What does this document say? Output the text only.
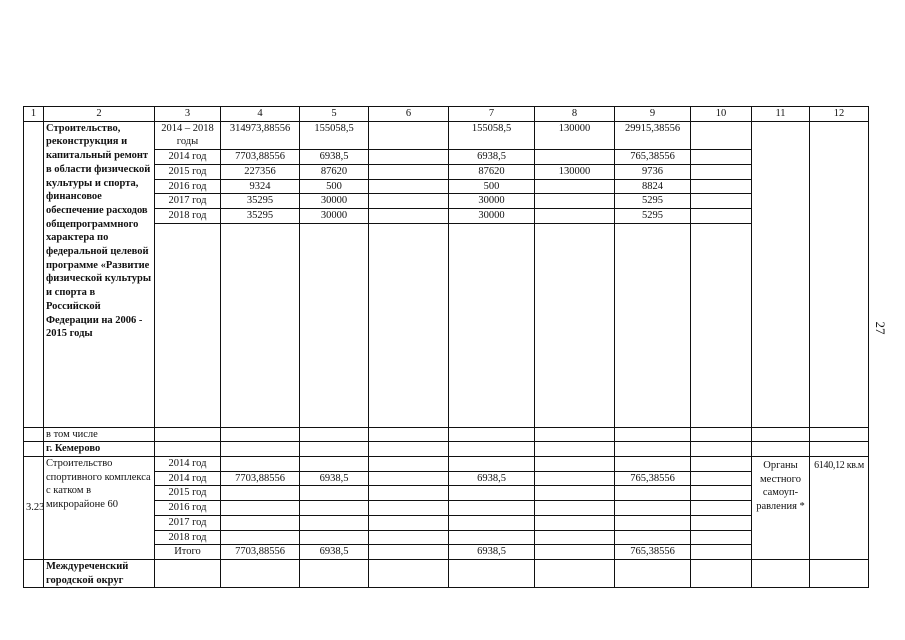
27
1	2	3	4	5	6	7	8	9	10	11	12
	Строительство, реконструкция и капитальный ремонт в области физической культуры и спорта, финансовое обеспечение расходов общепрограммного характера по федеральной целевой программе «Развитие физической культуры и спорта в Российской Федерации на 2006 - 2015 годы	2014 – 2018 годы	314973,88556	155058,5		155058,5	130000	29915,38556			
		2014 год	7703,88556	6938,5		6938,5		765,38556			
		2015 год	227356	87620		87620	130000	9736			
		2016 год	9324	500		500		8824			
		2017 год	35295	30000		30000		5295			
		2018 год	35295	30000		30000		5295			

	в том числе										
	г. Кемерово										
3.23	Строительство спортивного комплекса с катком в микрорайоне 60	2014 год								Органы местного самоуп-равления *	6140,12 кв.м
		2014 год	7703,88556	6938,5		6938,5		765,38556			
		2015 год									
		2016 год									
		2017 год									
		2018 год									
		Итого	7703,88556	6938,5		6938,5		765,38556			
	Междуреченский городской округ										
